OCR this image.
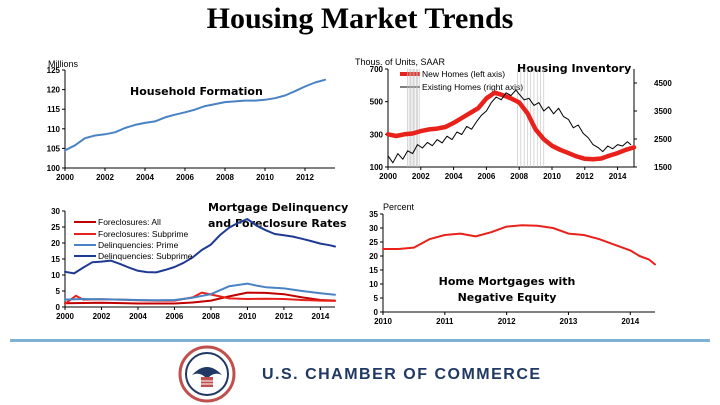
Housing Market Trends
Millions
Household Formation
2000	2002	2004	2006	2008	2010	2012
100
105
110
115
120
125
Thous. of Units, SAAR	Housing Inventory
New Homes (left axis)
Existing Homes (right axis)
2000 2002 2004 2006 2008 2010 2012 2014
100
300
500
700
1500
2500
3500
4500
Mortgage Delinquency
and Foreclosure Rates
2000 2002 2004 2006 2008 2010 2012 2014
0
5
10
15
20
25
30
Foreclosures: All
Foreclosures: Subprime
Delinquencies: Prime
Delinquencies: Subprime
Percent
Home Mortgages with
Negative Equity
2010	2011	2012	2013	2014
0
5
10
15
20
25
30
35
U.S. CHAMBER OF COMMERCE
